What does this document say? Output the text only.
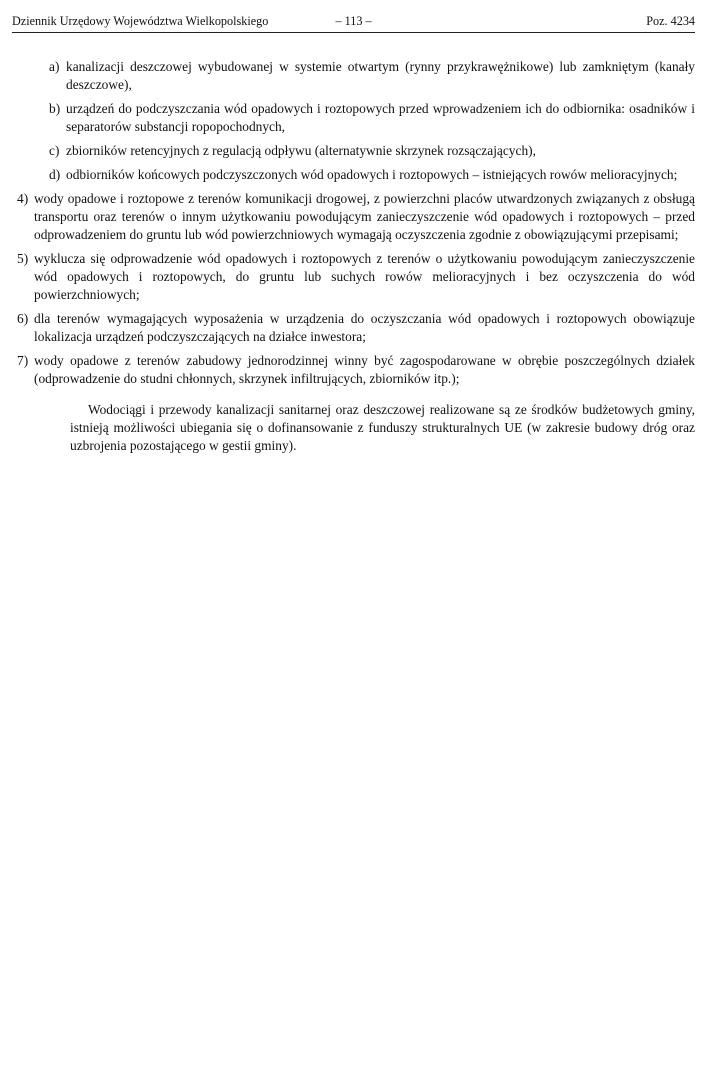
Dziennik Urzędowy Województwa Wielkopolskiego	– 113 –	Poz. 4234
a) kanalizacji deszczowej wybudowanej w systemie otwartym (rynny przykrawężnikowe) lub zamkniętym (kanały deszczowe),
b) urządzeń do podczyszczania wód opadowych i roztopowych przed wprowadzeniem ich do odbiornika: osadników i separatorów substancji ropopochodnych,
c) zbiorników retencyjnych z regulacją odpływu (alternatywnie skrzynek rozsączających),
d) odbiorników końcowych podczyszczonych wód opadowych i roztopowych – istniejących rowów melioracyjnych;
4) wody opadowe i roztopowe z terenów komunikacji drogowej, z powierzchni placów utwardzonych związanych z obsługą transportu oraz terenów o innym użytkowaniu powodującym zanieczyszczenie wód opadowych i roztopowych – przed odprowadzeniem do gruntu lub wód powierzchniowych wymagają oczyszczenia zgodnie z obowiązującymi przepisami;
5) wyklucza się odprowadzenie wód opadowych i roztopowych z terenów o użytkowaniu powodującym zanieczyszczenie wód opadowych i roztopowych, do gruntu lub suchych rowów melioracyjnych i bez oczyszczenia do wód powierzchniowych;
6) dla terenów wymagających wyposażenia w urządzenia do oczyszczania wód opadowych i roztopowych obowiązuje lokalizacja urządzeń podczyszczających na działce inwestora;
7) wody opadowe z terenów zabudowy jednorodzinnej winny być zagospodarowane w obrębie poszczególnych działek (odprowadzenie do studni chłonnych, skrzynek infiltrujących, zbiorników itp.);

Wodociągi i przewody kanalizacji sanitarnej oraz deszczowej realizowane są ze środków budżetowych gminy, istnieją możliwości ubiegania się o dofinansowanie z funduszy strukturalnych UE (w zakresie budowy dróg oraz uzbrojenia pozostającego w gestii gminy).
